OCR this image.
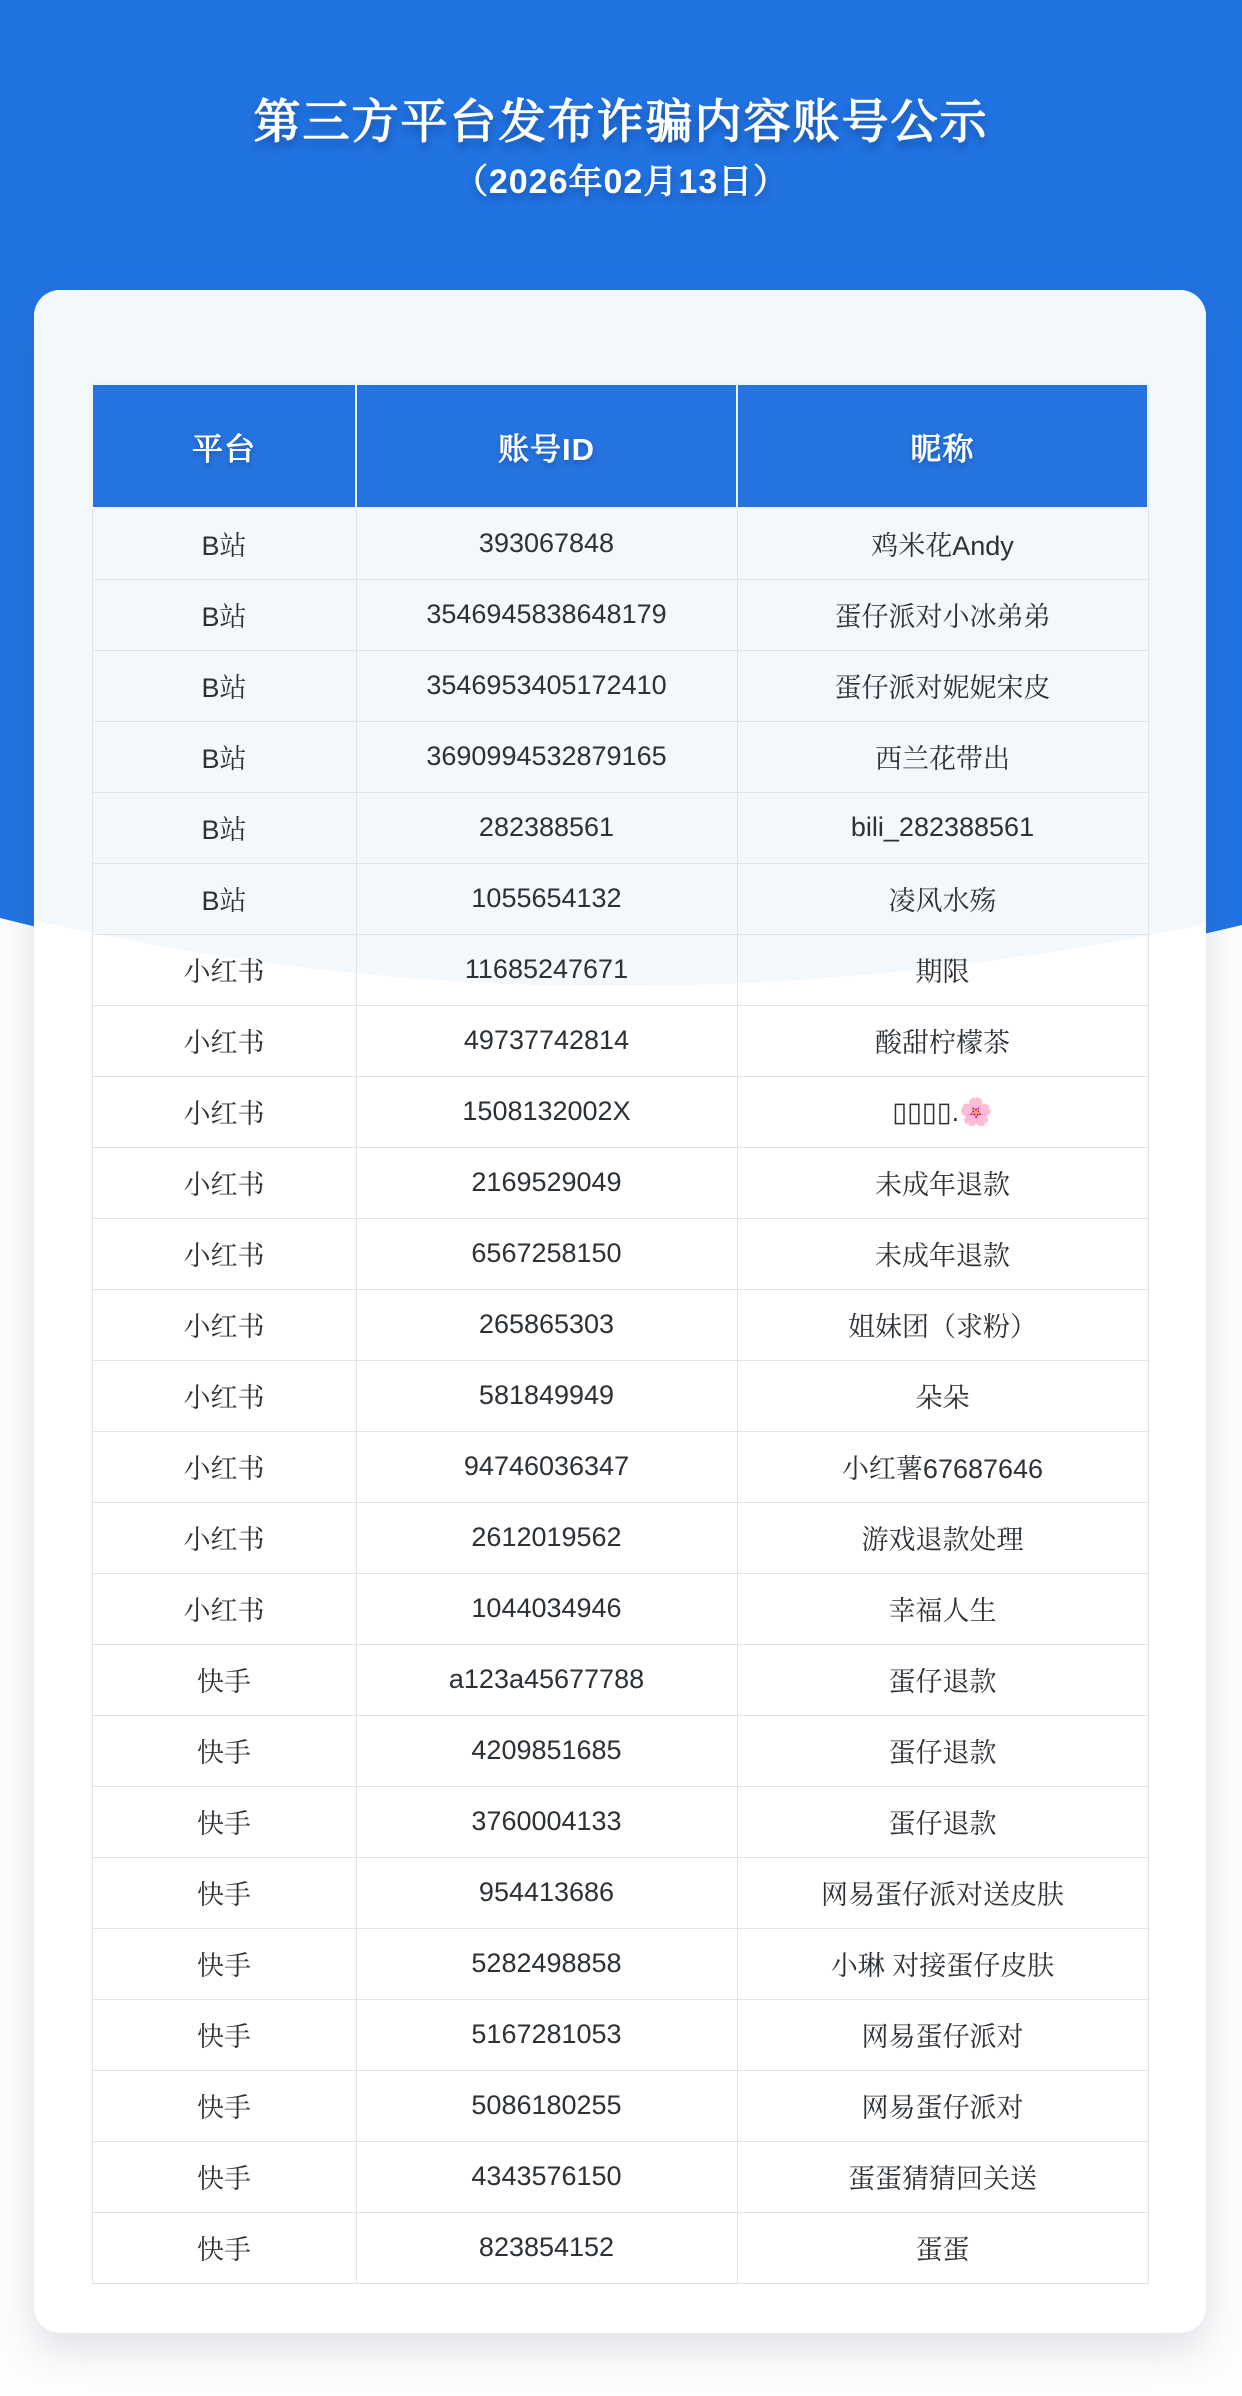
第三方平台发布诈骗内容账号公示
（2026年02月13日）
平台	账号ID	昵称
B站	393067848	鸡米花Andy
B站	3546945838648179	蛋仔派对小冰弟弟
B站	3546953405172410	蛋仔派对妮妮宋皮
B站	3690994532879165	西兰花带出
B站	282388561	bili_282388561
B站	1055654132	凌风水殇
小红书	11685247671	期限
小红书	49737742814	酸甜柠檬茶
小红书	1508132002X	▯▯▯▯.🌸
小红书	2169529049	未成年退款
小红书	6567258150	未成年退款
小红书	265865303	姐妹团（求粉）
小红书	581849949	朵朵
小红书	94746036347	小红薯67687646
小红书	2612019562	游戏退款处理
小红书	1044034946	幸福人生
快手	a123a45677788	蛋仔退款
快手	4209851685	蛋仔退款
快手	3760004133	蛋仔退款
快手	954413686	网易蛋仔派对送皮肤
快手	5282498858	小琳 对接蛋仔皮肤
快手	5167281053	网易蛋仔派对
快手	5086180255	网易蛋仔派对
快手	4343576150	蛋蛋猜猜回关送
快手	823854152	蛋蛋
